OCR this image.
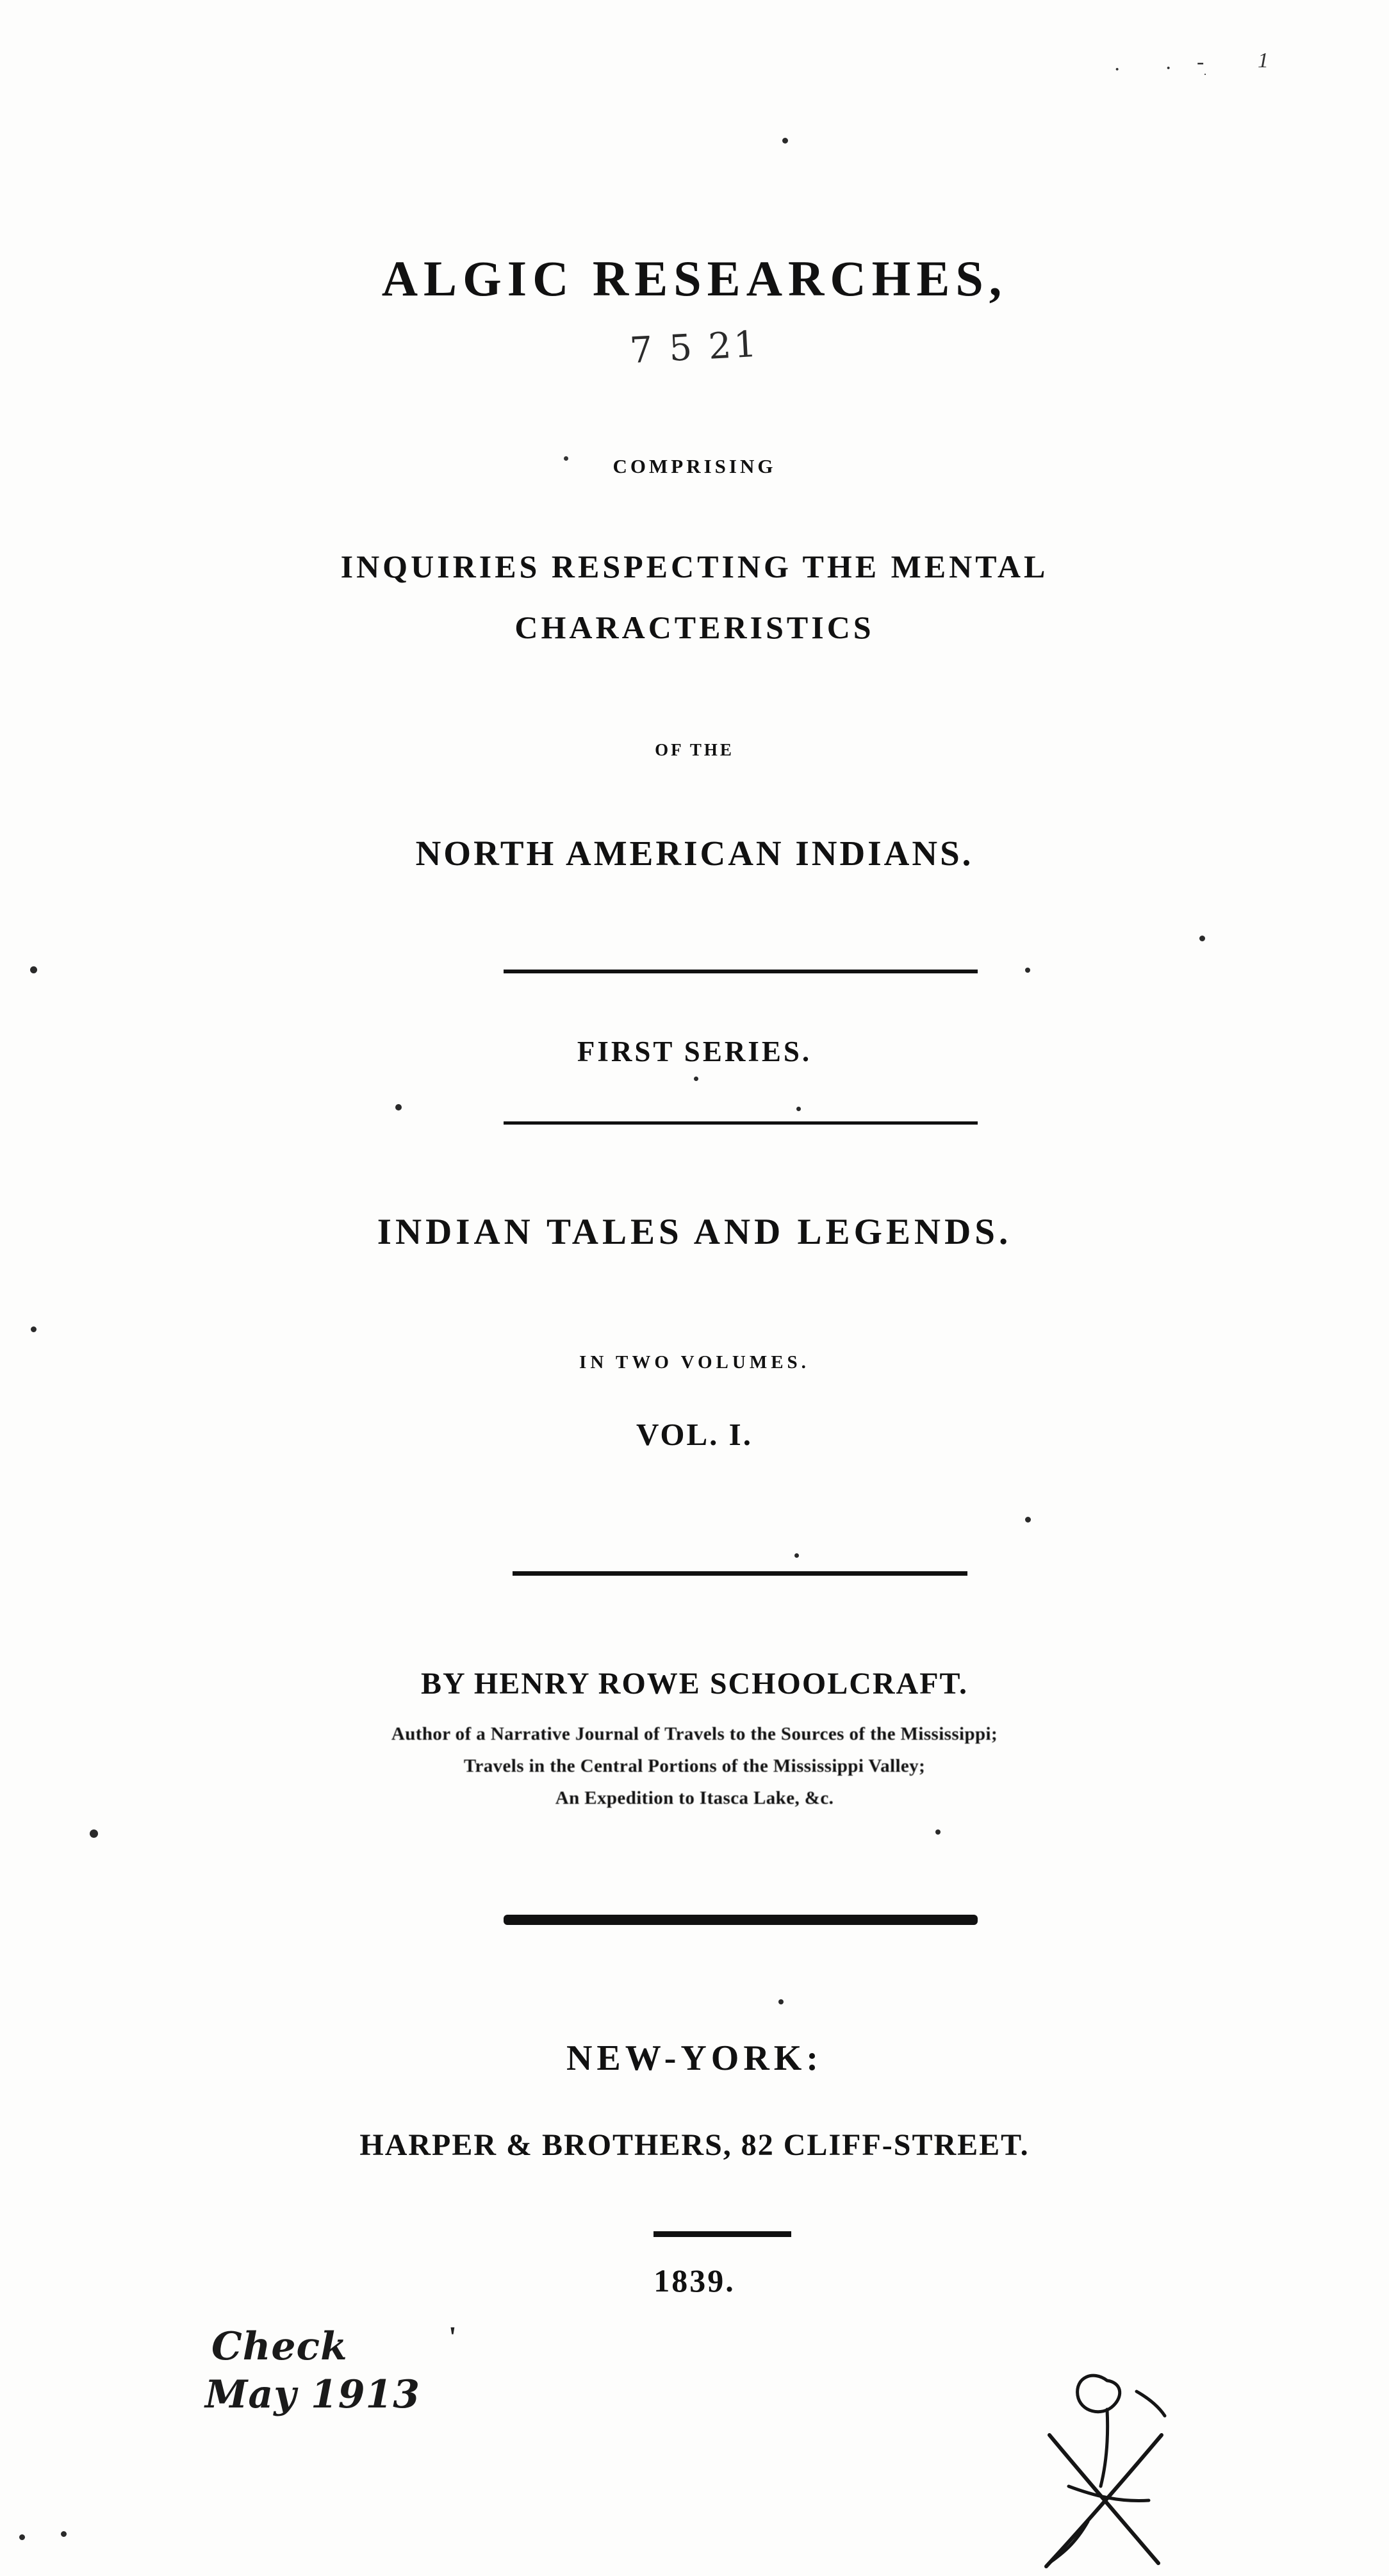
· · -
·
1
ALGIC RESEARCHES,
7 5 21
COMPRISING
INQUIRIES RESPECTING THE MENTAL
CHARACTERISTICS
OF THE
NORTH AMERICAN INDIANS.
FIRST SERIES.
INDIAN TALES AND LEGENDS.
IN TWO VOLUMES.
VOL. I.
BY HENRY ROWE SCHOOLCRAFT.
Author of a Narrative Journal of Travels to the Sources of the Mississippi;
Travels in the Central Portions of the Mississippi Valley;
An Expedition to Itasca Lake, &c.
NEW-YORK:
HARPER & BROTHERS, 82 CLIFF-STREET.
1839.
Check
May 1913
'
